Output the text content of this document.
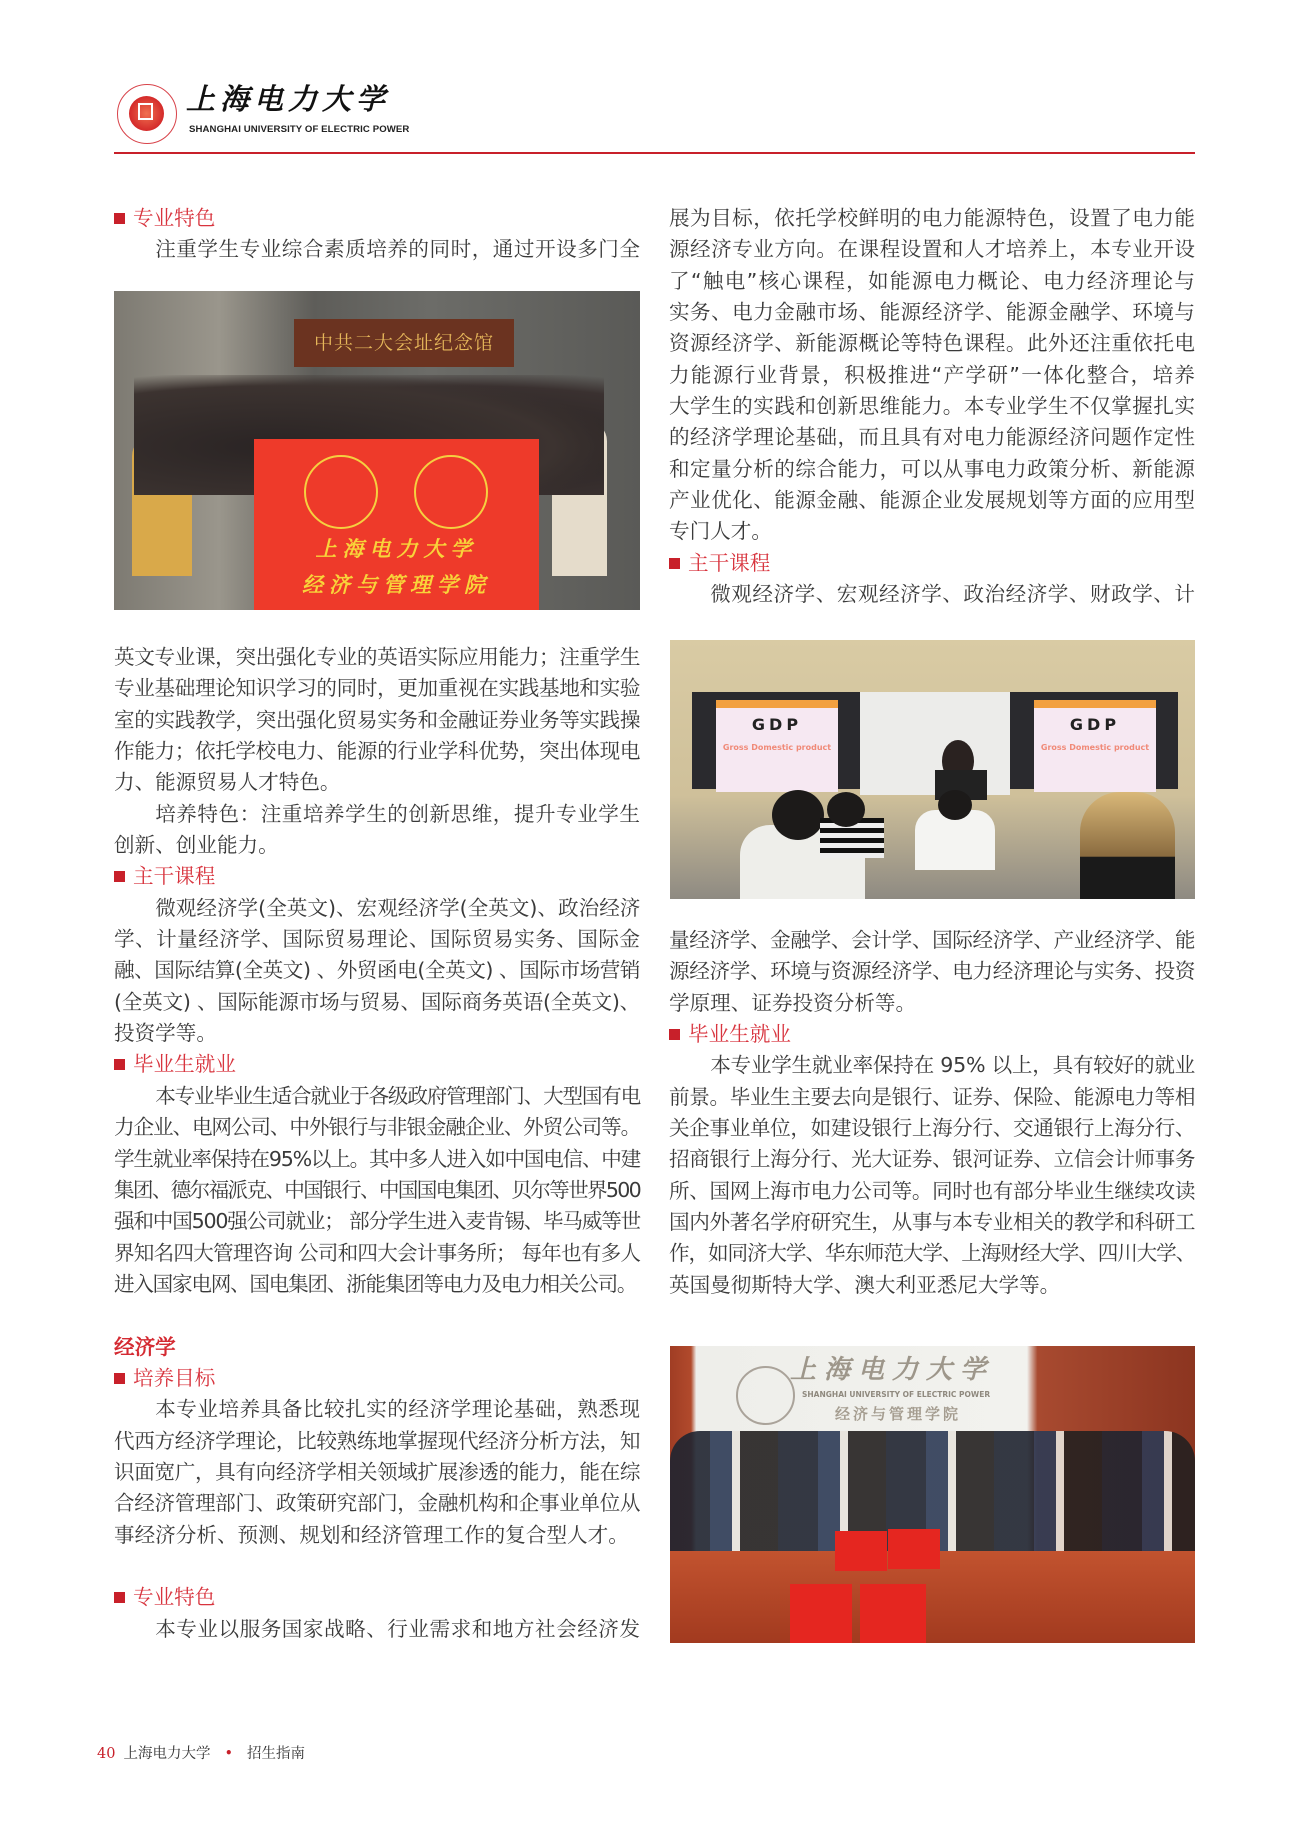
上海电力大学
SHANGHAI UNIVERSITY OF ELECTRIC POWER
专业特色
注重学生专业综合素质培养的同时，通过开设多门全
英文专业课，突出强化专业的英语实际应用能力；注重学生
专业基础理论知识学习的同时，更加重视在实践基地和实验
室的实践教学，突出强化贸易实务和金融证券业务等实践操
作能力；依托学校电力、能源的行业学科优势，突出体现电
力、能源贸易人才特色。
培养特色：注重培养学生的创新思维，提升专业学生
创新、创业能力。
主干课程
微观经济学(全英文)、宏观经济学(全英文)、政治经济
学、计量经济学、国际贸易理论、国际贸易实务、国际金
融、国际结算(全英文) 、外贸函电(全英文) 、国际市场营销
(全英文) 、国际能源市场与贸易、国际商务英语(全英文)、
投资学等。
毕业生就业
本专业毕业生适合就业于各级政府管理部门、大型国有电
力企业、电网公司、中外银行与非银金融企业、外贸公司等。
学生就业率保持在95%以上。其中多人进入如中国电信、中建
集团、德尔福派克、中国银行、中国国电集团、贝尔等世界500
强和中国500强公司就业； 部分学生进入麦肯锡、毕马威等世
界知名四大管理咨询 公司和四大会计事务所； 每年也有多人
进入国家电网、国电集团、浙能集团等电力及电力相关公司。
经济学
培养目标
本专业培养具备比较扎实的经济学理论基础，熟悉现
代西方经济学理论，比较熟练地掌握现代经济分析方法，知
识面宽广，具有向经济学相关领域扩展渗透的能力，能在综
合经济管理部门、政策研究部门，金融机构和企事业单位从
事经济分析、预测、规划和经济管理工作的复合型人才。
专业特色
本专业以服务国家战略、行业需求和地方社会经济发
展为目标，依托学校鲜明的电力能源特色，设置了电力能
源经济专业方向。在课程设置和人才培养上，本专业开设
了“触电”核心课程，如能源电力概论、电力经济理论与
实务、电力金融市场、能源经济学、能源金融学、环境与
资源经济学、新能源概论等特色课程。此外还注重依托电
力能源行业背景，积极推进“产学研”一体化整合，培养
大学生的实践和创新思维能力。本专业学生不仅掌握扎实
的经济学理论基础，而且具有对电力能源经济问题作定性
和定量分析的综合能力，可以从事电力政策分析、新能源
产业优化、能源金融、能源企业发展规划等方面的应用型
专门人才。
主干课程
微观经济学、宏观经济学、政治经济学、财政学、计
量经济学、金融学、会计学、国际经济学、产业经济学、能
源经济学、环境与资源经济学、电力经济理论与实务、投资
学原理、证券投资分析等。
毕业生就业
本专业学生就业率保持在 95% 以上，具有较好的就业
前景。毕业生主要去向是银行、证券、保险、能源电力等相
关企事业单位，如建设银行上海分行、交通银行上海分行、
招商银行上海分行、光大证券、银河证券、立信会计师事务
所、国网上海市电力公司等。同时也有部分毕业生继续攻读
国内外著名学府研究生，从事与本专业相关的教学和科研工
作，如同济大学、华东师范大学、上海财经大学、四川大学、
英国曼彻斯特大学、澳大利亚悉尼大学等。
中共二大会址纪念馆
上海电力大学
经济与管理学院
GDP
Gross Domestic product
GDP
Gross Domestic product
上海电力大学
SHANGHAI UNIVERSITY OF ELECTRIC POWER
经济与管理学院
40 上海电力大学 • 招生指南
